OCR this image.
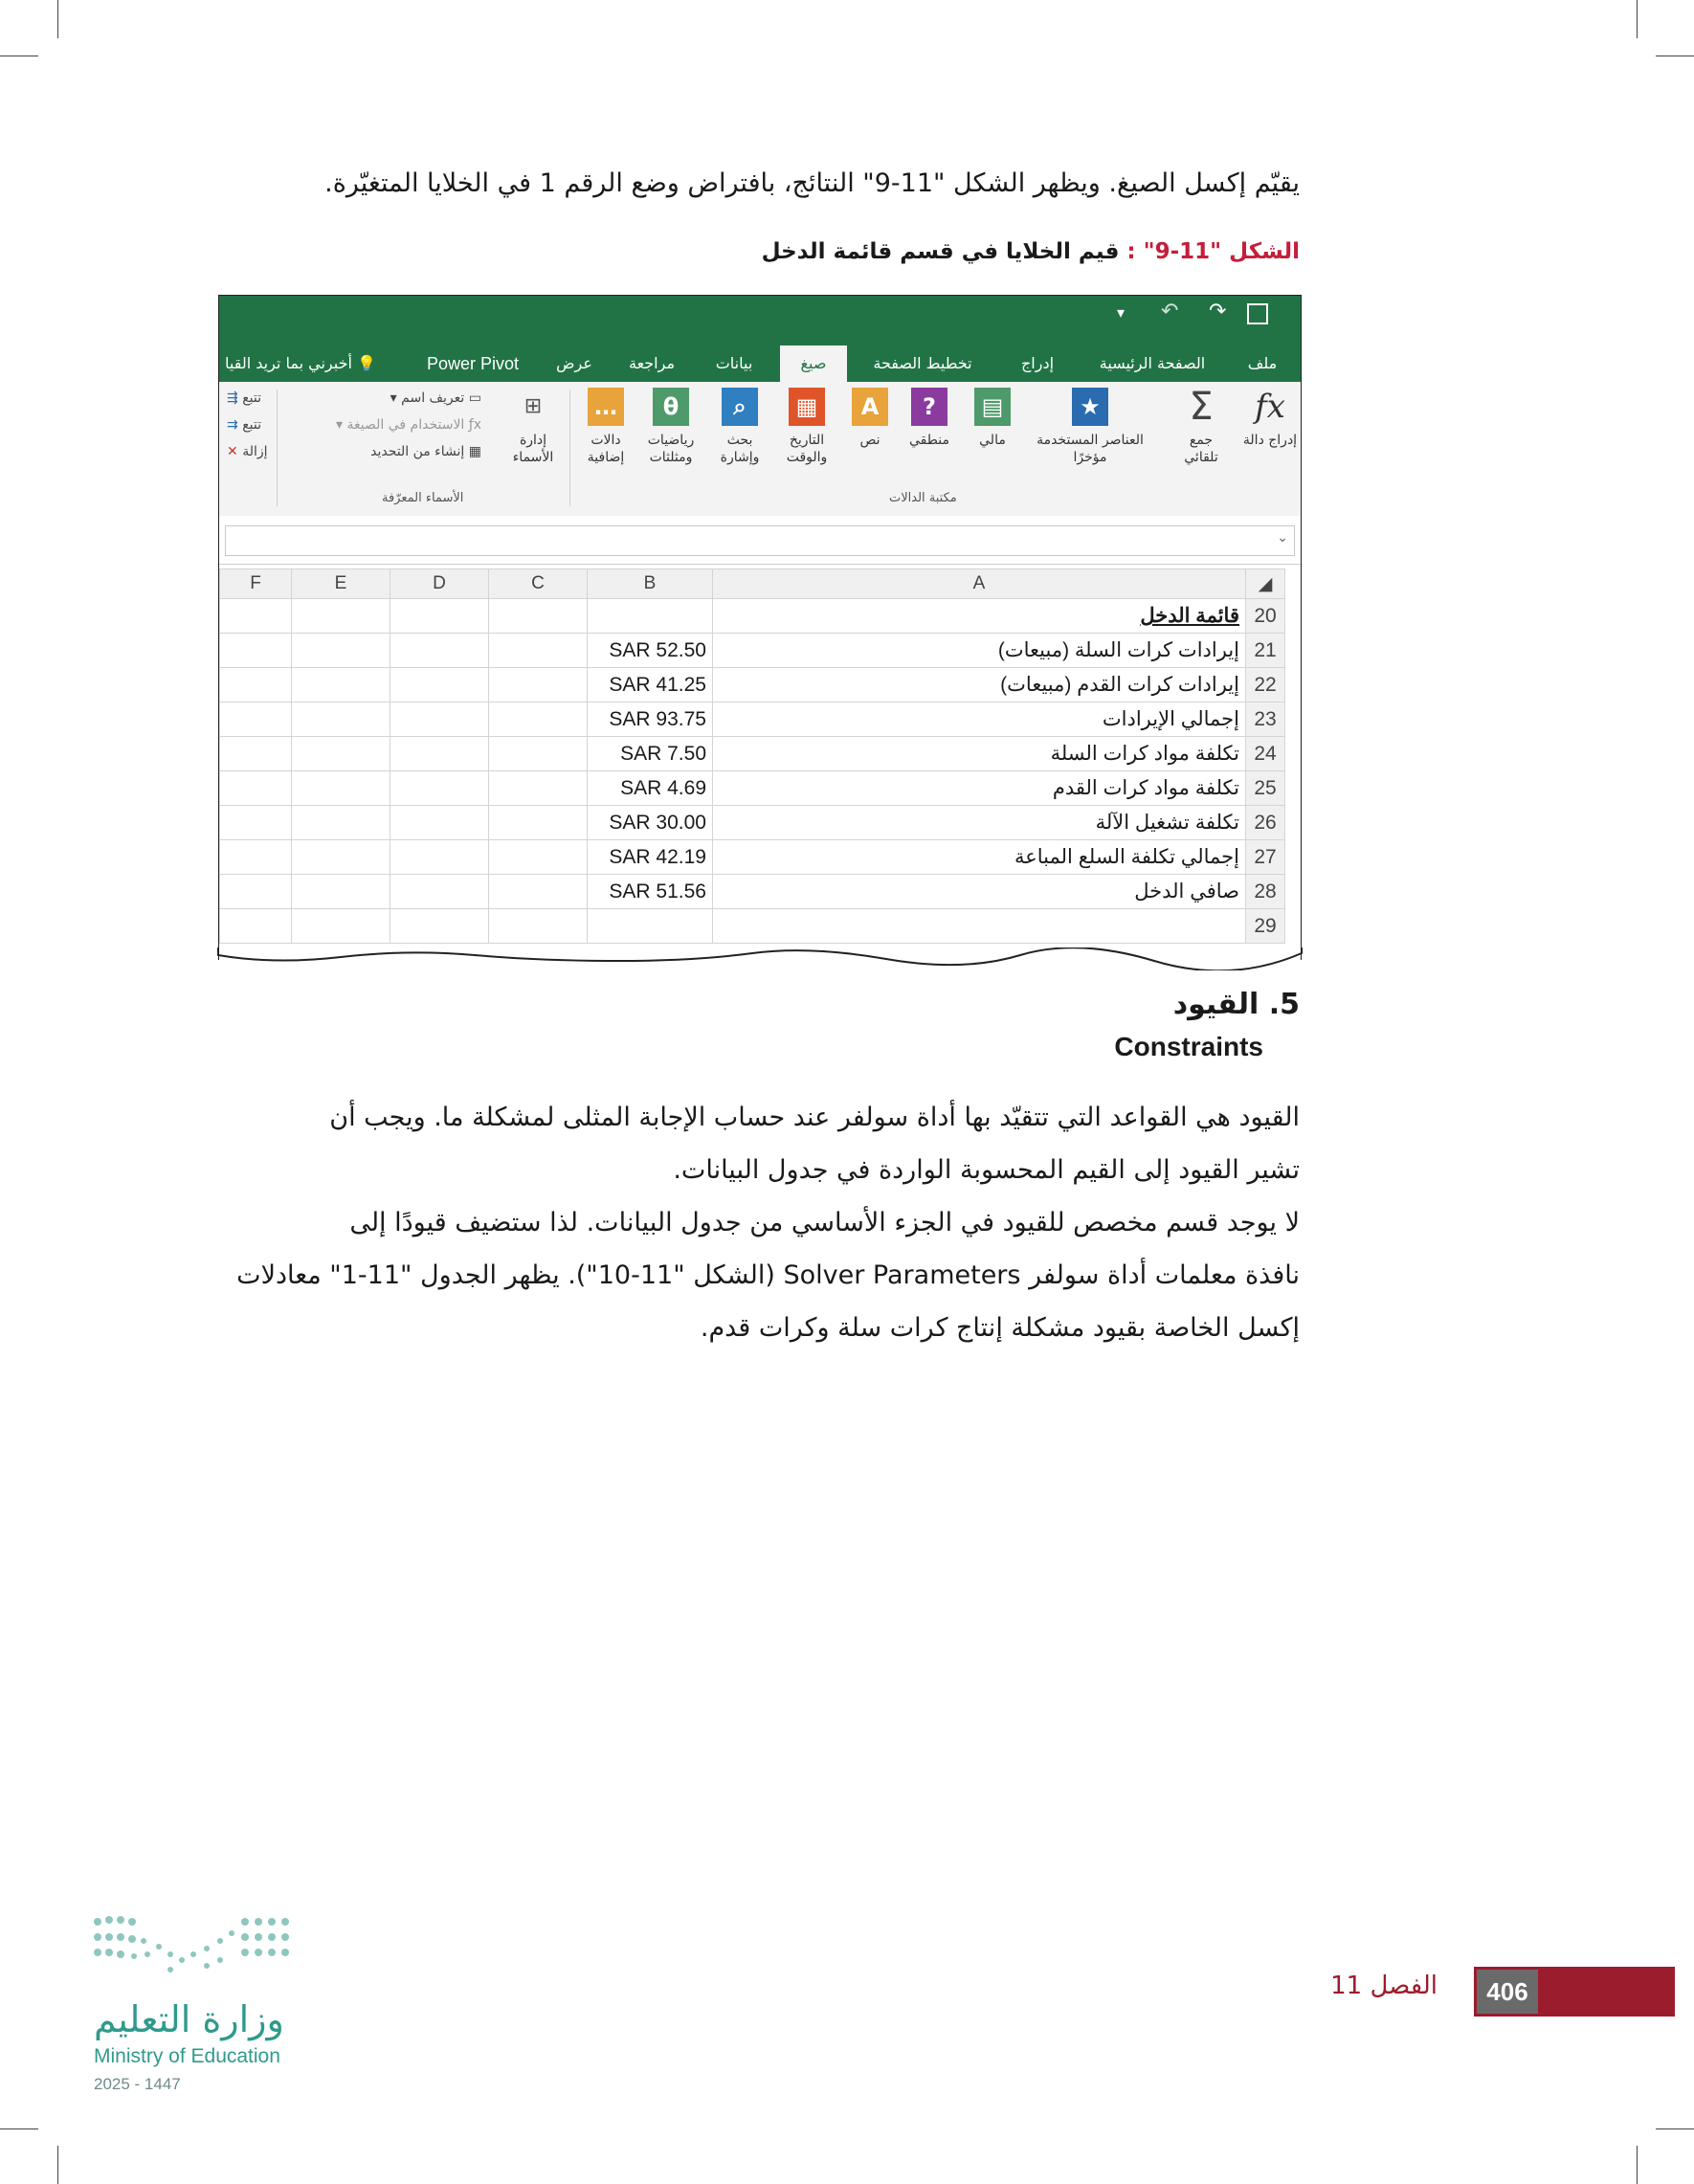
يقيّم إكسل الصيغ. ويظهر الشكل "11-9" النتائج، بافتراض وضع الرقم 1 في الخلايا المتغيّرة.

الشكل "11-9" : قيم الخلايا في قسم قائمة الدخل
↷
↶
▾
ملف
الصفحة الرئيسية
إدراج
تخطيط الصفحة
صيغ
بيانات
مراجعة
عرض
Power Pivot
💡 أخبرني بما تريد القيا
fx
إدراج دالة
Σ
جمع تلقائي
★
العناصر المستخدمة مؤخرًا
▤
مالي
?
منطقي
A
نص
▦
التاريخ والوقت
⌕
بحث وإشارة
θ
رياضيات ومثلثات
…
دالات إضافية
مكتبة الدالات
⊞
إدارة الأسماء
▭ تعريف اسم ▾
ƒx الاستخدام في الصيغة ▾
▦ إنشاء من التحديد
الأسماء المعرّفة
تتبع ⇶
تتبع ⇉
إزالة ✕
⌄
F	E	D	C	B	A	◢
					قائمة الدخل	20
				SAR 52.50	إيرادات كرات السلة (مبيعات)	21
				SAR 41.25	إيرادات كرات القدم (مبيعات)	22
				SAR 93.75	إجمالي الإيرادات	23
				SAR 7.50	تكلفة مواد كرات السلة	24
				SAR 4.69	تكلفة مواد كرات القدم	25
				SAR 30.00	تكلفة تشغيل الآلة	26
				SAR 42.19	إجمالي تكلفة السلع المباعة	27
				SAR 51.56	صافي الدخل	28
						29
5. القيود
Constraints

القيود هي القواعد التي تتقيّد بها أداة سولفر عند حساب الإجابة المثلى لمشكلة ما. ويجب أن

تشير القيود إلى القيم المحسوبة الواردة في جدول البيانات.

لا يوجد قسم مخصص للقيود في الجزء الأساسي من جدول البيانات. لذا ستضيف قيودًا إلى

نافذة معلمات أداة سولفر Solver Parameters (الشكل "11-10"). يظهر الجدول "11-1" معادلات

إكسل الخاصة بقيود مشكلة إنتاج كرات سلة وكرات قدم.

406
الفصل 11
وزارة التعليم
Ministry of Education
2025 - 1447
